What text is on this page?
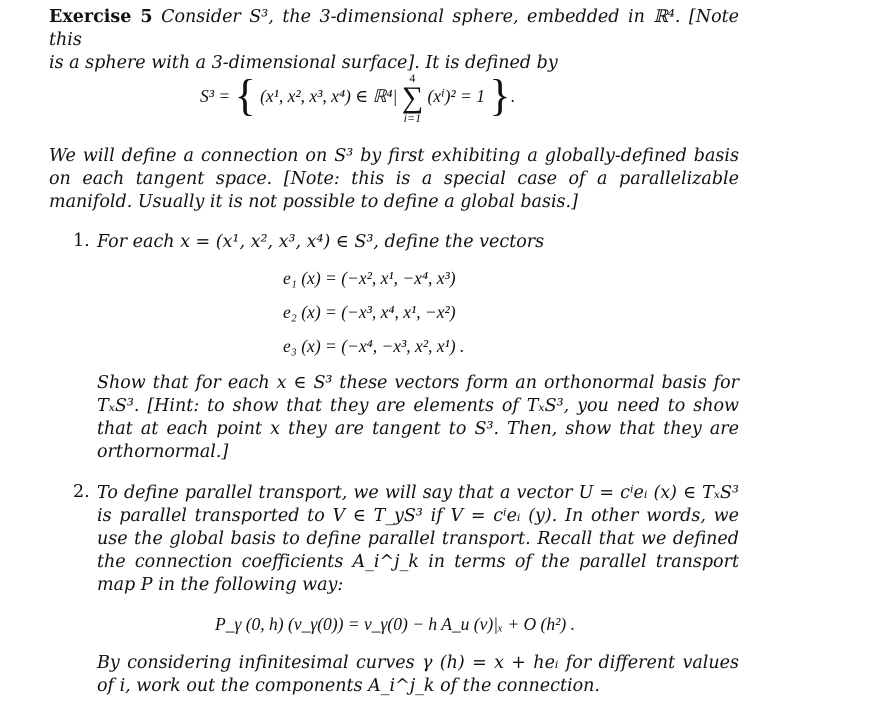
Exercise 5 Consider S³, the 3-dimensional sphere, embedded in ℝ⁴. [Note this
is a sphere with a 3-dimensional surface]. It is defined by
S³ = { (x¹, x², x³, x⁴) ∈ ℝ⁴|
4
∑
i=1
(xⁱ)² = 1 }.
We will define a connection on S³ by first exhibiting a globally-defined basis on each tangent space. [Note: this is a special case of a parallelizable manifold. Usually it is not possible to define a global basis.]
1. For each x = (x¹, x², x³, x⁴) ∈ S³, define the vectors
e₁ (x) = (−x², x¹, −x⁴, x³)
e₂ (x) = (−x³, x⁴, x¹, −x²)
e₃ (x) = (−x⁴, −x³, x², x¹) .
Show that for each x ∈ S³ these vectors form an orthonormal basis for TₓS³. [Hint: to show that they are elements of TₓS³, you need to show that at each point x they are tangent to S³. Then, show that they are orthornormal.]
2. To define parallel transport, we will say that a vector U = cⁱeᵢ (x) ∈ TₓS³ is parallel transported to V ∈ T_yS³ if V = cⁱeᵢ (y). In other words, we use the global basis to define parallel transport. Recall that we defined the connection coefficients A_i^j_k in terms of the parallel transport map P in the following way:
P_γ (0, h) (v_γ(0)) = v_γ(0) − h A_u (v)|ₓ + O (h²) .
By considering infinitesimal curves γ (h) = x + heᵢ for different values of i, work out the components A_i^j_k of the connection.
